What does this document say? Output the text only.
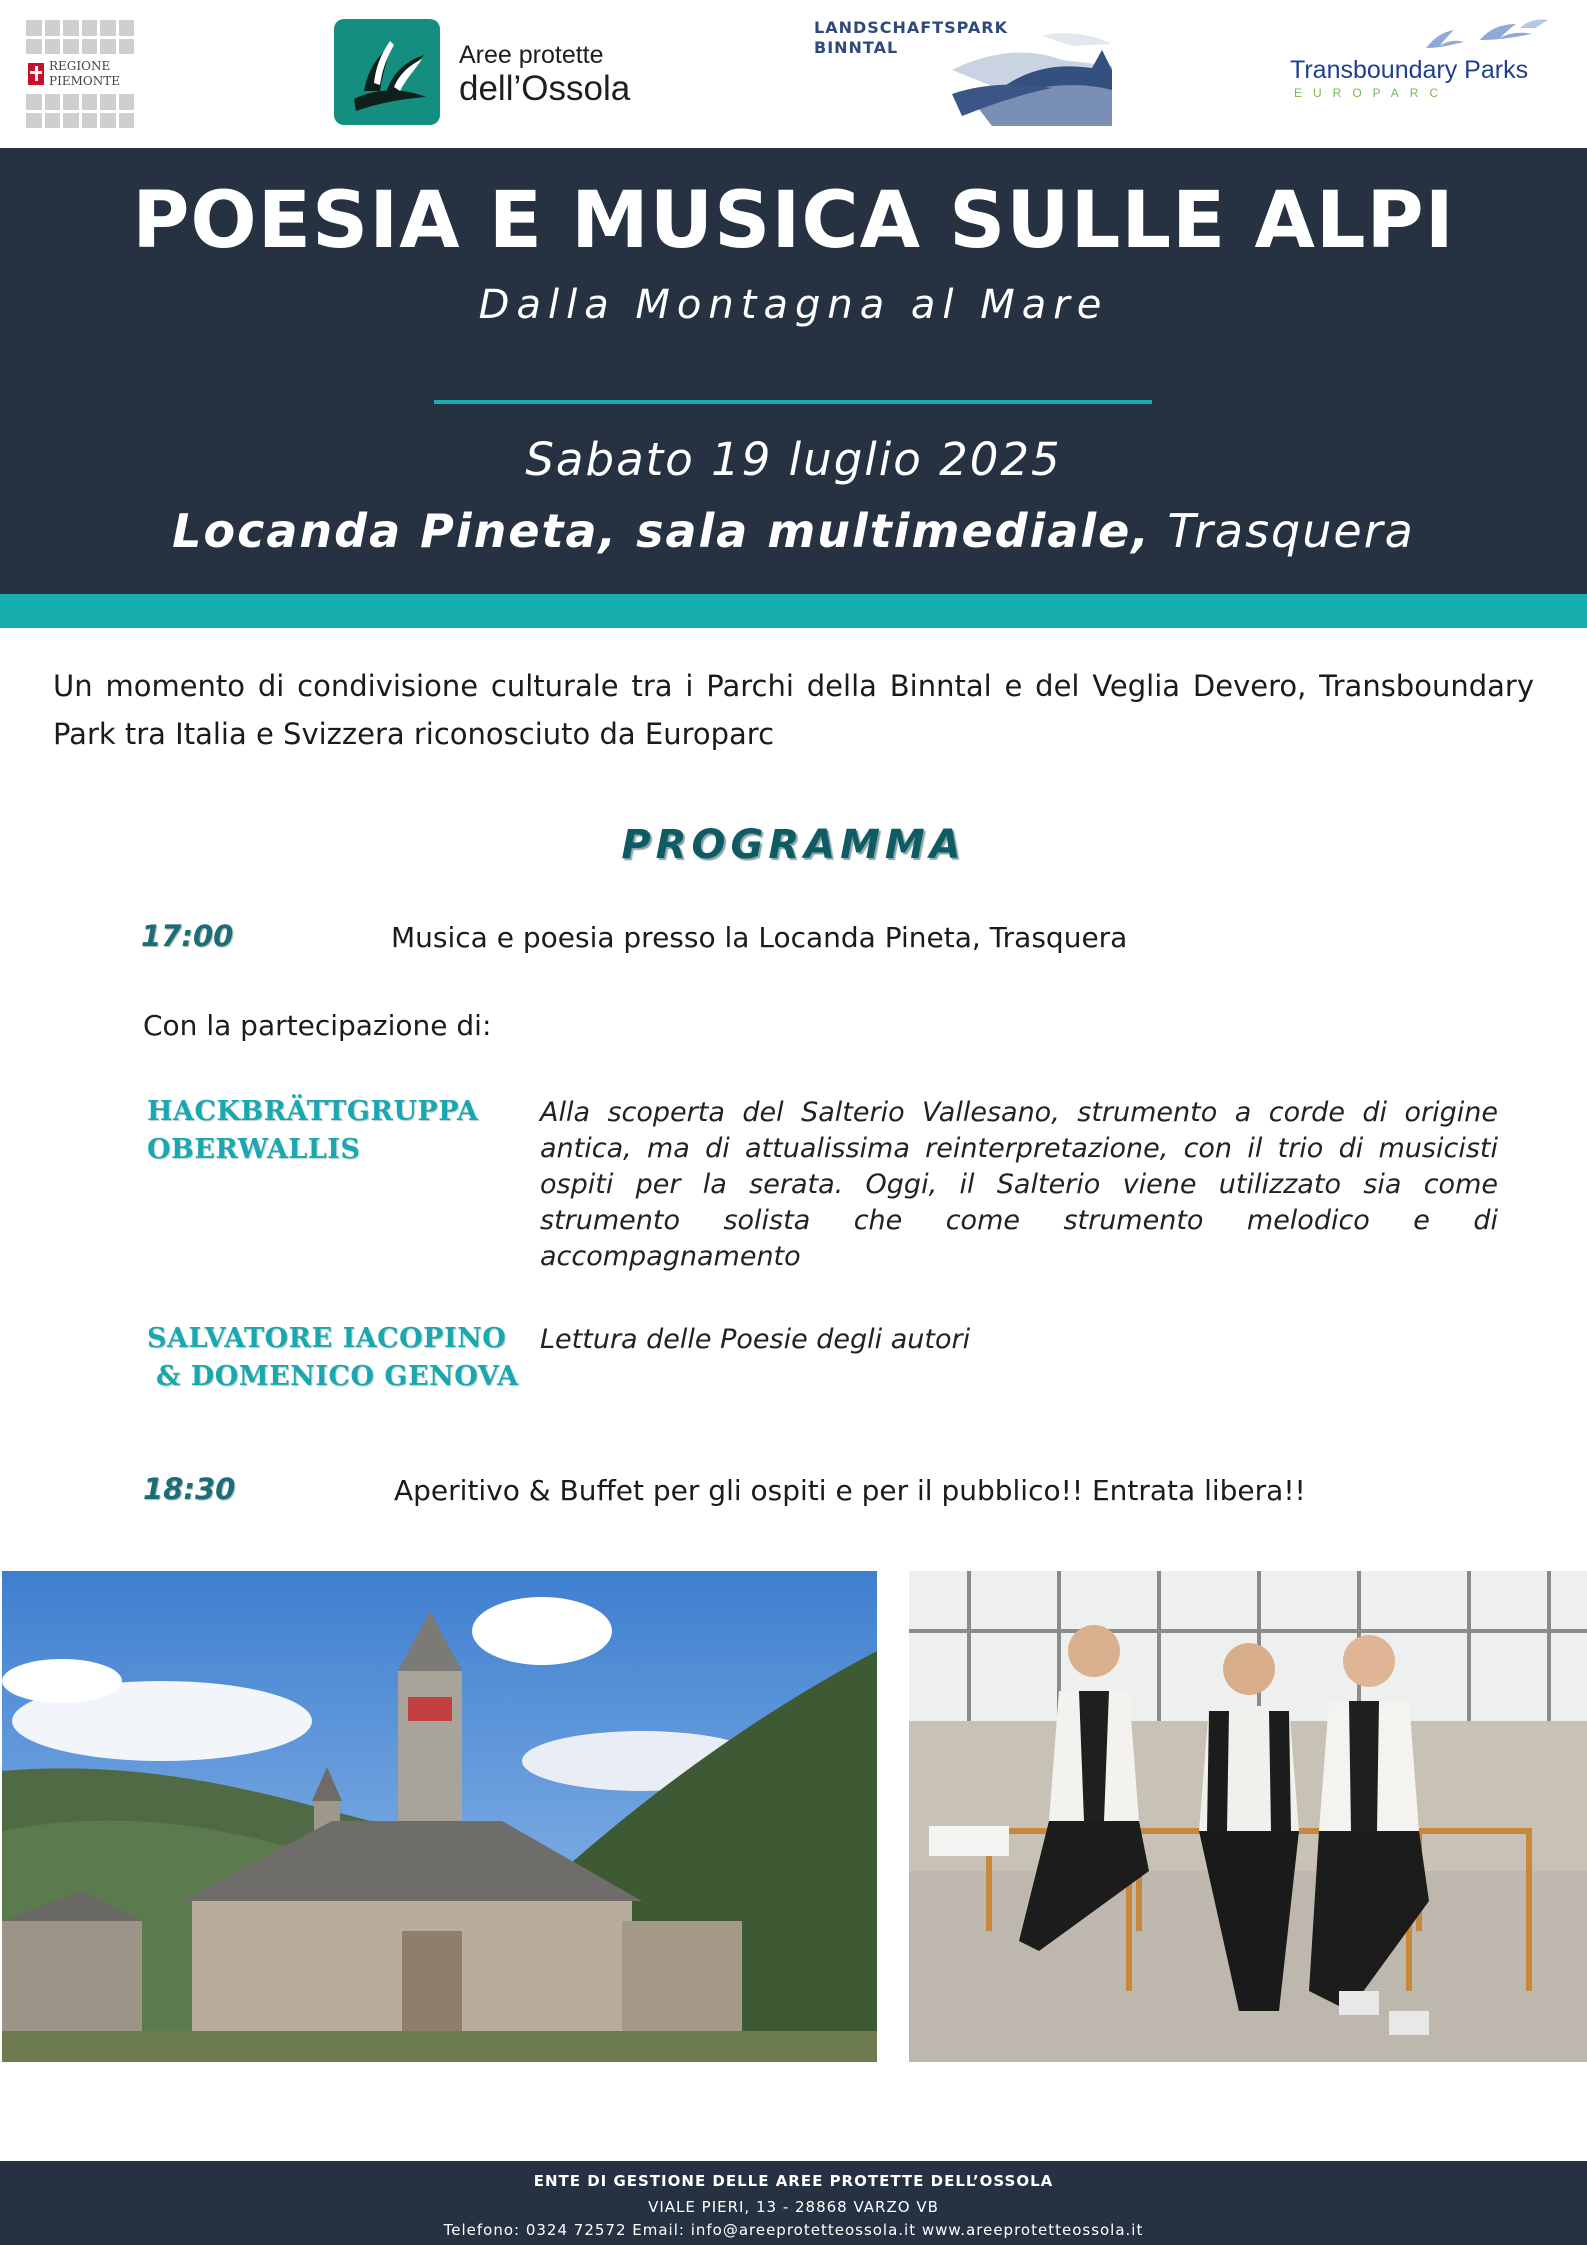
REGIONE
PIEMONTE
Aree protette
dell’Ossola
LANDSCHAFTSPARK
BINNTAL
Transboundary Parks
EUROPARC
POESIA E MUSICA SULLE ALPI
Dalla Montagna al Mare
Sabato 19 luglio 2025
Locanda Pineta, sala multimediale, Trasquera
Un momento di condivisione culturale tra i Parchi della Binntal e del Veglia Devero, Transboundary Park tra Italia e Svizzera riconosciuto da Europarc
PROGRAMMA
17:00	Musica e poesia presso la Locanda Pineta, Trasquera
Con la partecipazione di:
HACKBRÄTTGRUPPA
OBERWALLIS
Alla scoperta del Salterio Vallesano, strumento a corde di origine antica, ma di attualissima reinterpretazione, con il trio di musicisti ospiti per la serata. Oggi, il Salterio viene utilizzato sia come strumento solista che come strumento melodico e di accompagnamento
SALVATORE IACOPINO
& DOMENICO GENOVA
Lettura delle Poesie degli autori
18:30	Aperitivo & Buffet per gli ospiti e per il pubblico!! Entrata libera!!
ENTE DI GESTIONE DELLE AREE PROTETTE DELL’OSSOLA
VIALE PIERI, 13 - 28868 VARZO VB
Telefono: 0324 72572 Email: info@areeprotetteossola.it www.areeprotetteossola.it
